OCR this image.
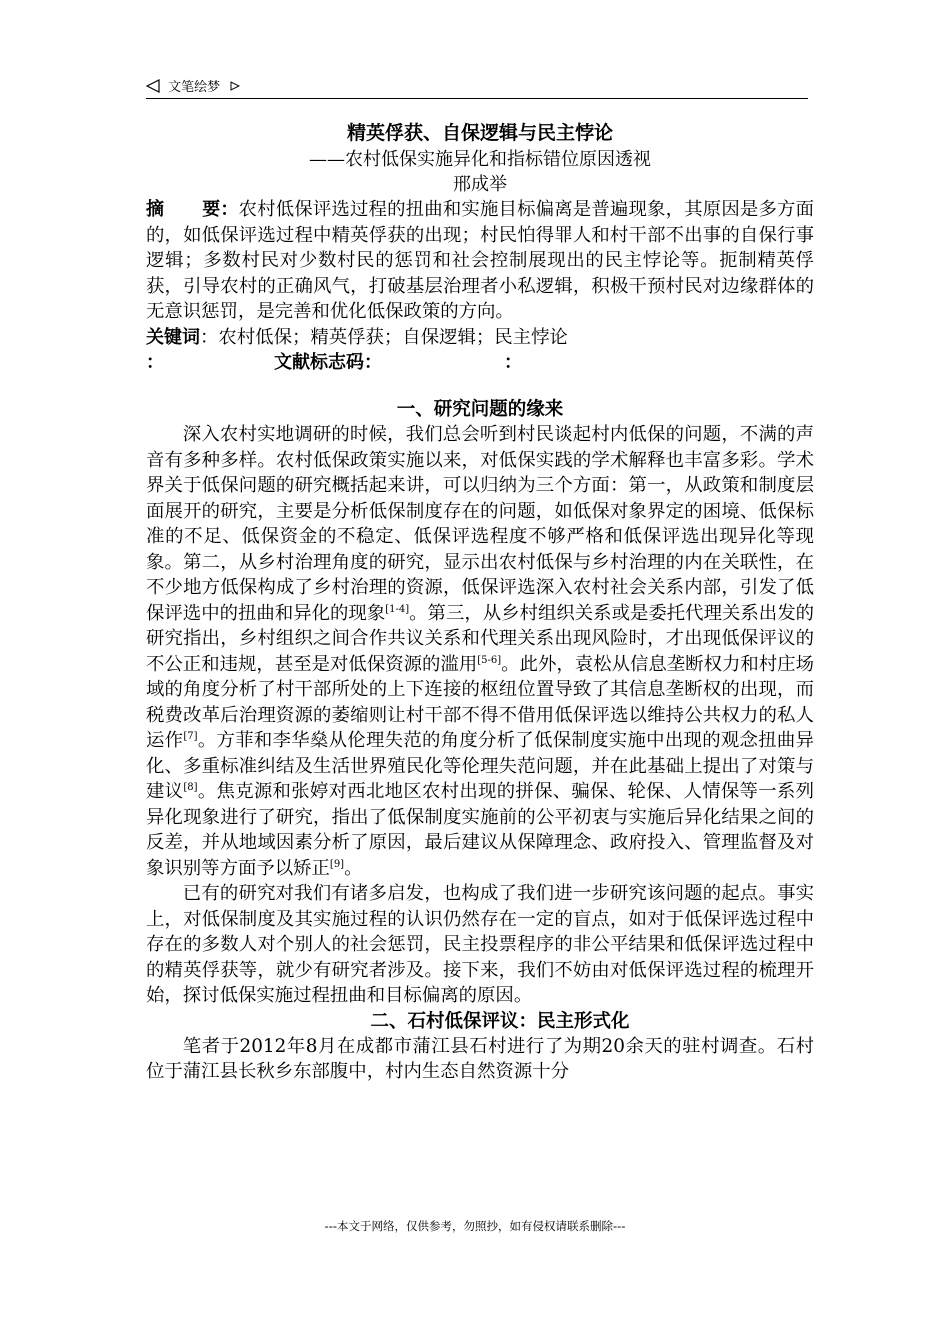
文笔绘梦
精英俘获、自保逻辑与民主悖论
——农村低保实施异化和指标错位原因透视
邢成举

摘要：农村低保评选过程的扭曲和实施目标偏离是普遍现象，其原因是多方面的，如低保评选过程中精英俘获的出现；村民怕得罪人和村干部不出事的自保行事逻辑；多数村民对少数村民的惩罚和社会控制展现出的民主悖论等。扼制精英俘获，引导农村的正确风气，打破基层治理者小私逻辑，积极干预村民对边缘群体的无意识惩罚，是完善和优化低保政策的方向。

关键词：农村低保；精英俘获；自保逻辑；民主悖论

：	文献标志码：	：
一、研究问题的缘来

深入农村实地调研的时候，我们总会听到村民谈起村内低保的问题，不满的声音有多种多样。农村低保政策实施以来，对低保实践的学术解释也丰富多彩。学术界关于低保问题的研究概括起来讲，可以归纳为三个方面：第一，从政策和制度层面展开的研究，主要是分析低保制度存在的问题，如低保对象界定的困境、低保标准的不足、低保资金的不稳定、低保评选程度不够严格和低保评选出现异化等现象。第二，从乡村治理角度的研究，显示出农村低保与乡村治理的内在关联性，在不少地方低保构成了乡村治理的资源，低保评选深入农村社会关系内部，引发了低保评选中的扭曲和异化的现象[1-4]。第三，从乡村组织关系或是委托代理关系出发的研究指出，乡村组织之间合作共议关系和代理关系出现风险时，才出现低保评议的不公正和违规，甚至是对低保资源的滥用[5-6]。此外，袁松从信息垄断权力和村庄场域的角度分析了村干部所处的上下连接的枢纽位置导致了其信息垄断权的出现，而税费改革后治理资源的萎缩则让村干部不得不借用低保评选以维持公共权力的私人运作[7]。方菲和李华燊从伦理失范的角度分析了低保制度实施中出现的观念扭曲异化、多重标准纠结及生活世界殖民化等伦理失范问题，并在此基础上提出了对策与建议[8]。焦克源和张婷对西北地区农村出现的拼保、骗保、轮保、人情保等一系列异化现象进行了研究，指出了低保制度实施前的公平初衷与实施后异化结果之间的反差，并从地域因素分析了原因，最后建议从保障理念、政府投入、管理监督及对象识别等方面予以矫正[9]。

已有的研究对我们有诸多启发，也构成了我们进一步研究该问题的起点。事实上，对低保制度及其实施过程的认识仍然存在一定的盲点，如对于低保评选过程中存在的多数人对个别人的社会惩罚，民主投票程序的非公平结果和低保评选过程中的精英俘获等，就少有研究者涉及。接下来，我们不妨由对低保评选过程的梳理开始，探讨低保实施过程扭曲和目标偏离的原因。

二、石村低保评议：民主形式化

笔者于2012年8月在成都市蒲江县石村进行了为期20余天的驻村调查。石村位于蒲江县长秋乡东部腹中，村内生态自然资源十分

---本文于网络，仅供参考，勿照抄，如有侵权请联系删除---
